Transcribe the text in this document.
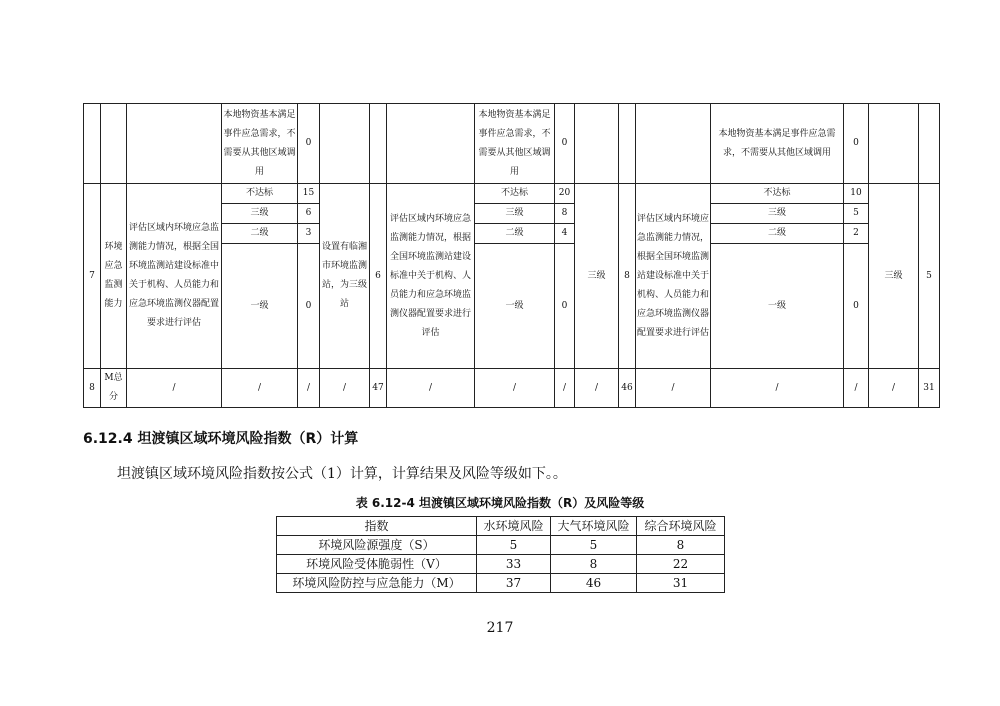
			本地物资基本满足事件应急需求，不需要从其他区域调用	0				本地物资基本满足事件应急需求，不需要从其他区域调用	0				本地物资基本满足事件应急需求，不需要从其他区域调用	0		
7	环境应急监测能力	评估区域内环境应急监测能力情况，根据全国环境监测站建设标准中关于机构、人员能力和应急环境监测仪器配置要求进行评估	不达标	15	设置有临湘市环境监测站，为三级站	6	评估区域内环境应急监测能力情况，根据全国环境监测站建设标准中关于机构、人员能力和应急环境监测仪器配置要求进行评估	不达标	20	三级	8	评估区域内环境应急监测能力情况，根据全国环境监测站建设标准中关于机构、人员能力和应急环境监测仪器配置要求进行评估	不达标	10	三级	5
			三级	6				三级	8				三级	5		
			二级	3				二级	4				二级	2		
			一级	0				一级	0				一级	0		
8	M总分	/	/	/	/	47	/	/	/	/	46	/	/	/	/	31
6.12.4 坦渡镇区域环境风险指数（R）计算
坦渡镇区域环境风险指数按公式（1）计算，计算结果及风险等级如下。。
表 6.12-4 坦渡镇区域环境风险指数（R）及风险等级
指数	水环境风险	大气环境风险	综合环境风险
环境风险源强度（S）	5	5	8
环境风险受体脆弱性（V）	33	8	22
环境风险防控与应急能力（M）	37	46	31
217
